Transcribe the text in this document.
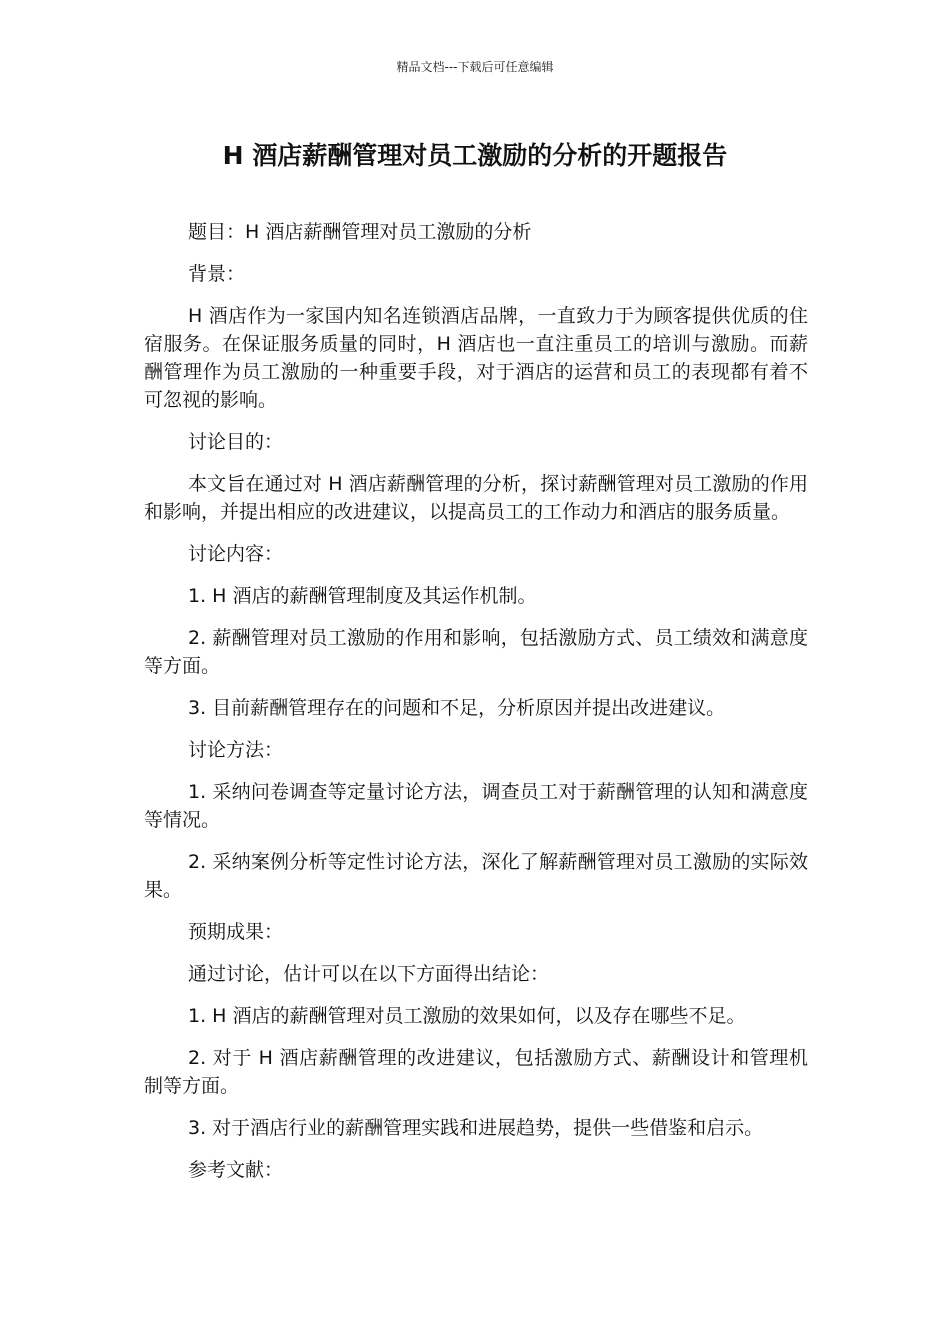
精品文档---下载后可任意编辑
H 酒店薪酬管理对员工激励的分析的开题报告

题目：H 酒店薪酬管理对员工激励的分析

背景：

H 酒店作为一家国内知名连锁酒店品牌，一直致力于为顾客提供优质的住宿服务。在保证服务质量的同时，H 酒店也一直注重员工的培训与激励。而薪酬管理作为员工激励的一种重要手段，对于酒店的运营和员工的表现都有着不可忽视的影响。

讨论目的：

本文旨在通过对 H 酒店薪酬管理的分析，探讨薪酬管理对员工激励的作用和影响，并提出相应的改进建议，以提高员工的工作动力和酒店的服务质量。

讨论内容：

1. H 酒店的薪酬管理制度及其运作机制。

2. 薪酬管理对员工激励的作用和影响，包括激励方式、员工绩效和满意度等方面。

3. 目前薪酬管理存在的问题和不足，分析原因并提出改进建议。

讨论方法：

1. 采纳问卷调查等定量讨论方法，调查员工对于薪酬管理的认知和满意度等情况。

2. 采纳案例分析等定性讨论方法，深化了解薪酬管理对员工激励的实际效果。

预期成果：

通过讨论，估计可以在以下方面得出结论：

1. H 酒店的薪酬管理对员工激励的效果如何，以及存在哪些不足。

2. 对于 H 酒店薪酬管理的改进建议，包括激励方式、薪酬设计和管理机制等方面。

3. 对于酒店行业的薪酬管理实践和进展趋势，提供一些借鉴和启示。

参考文献：
